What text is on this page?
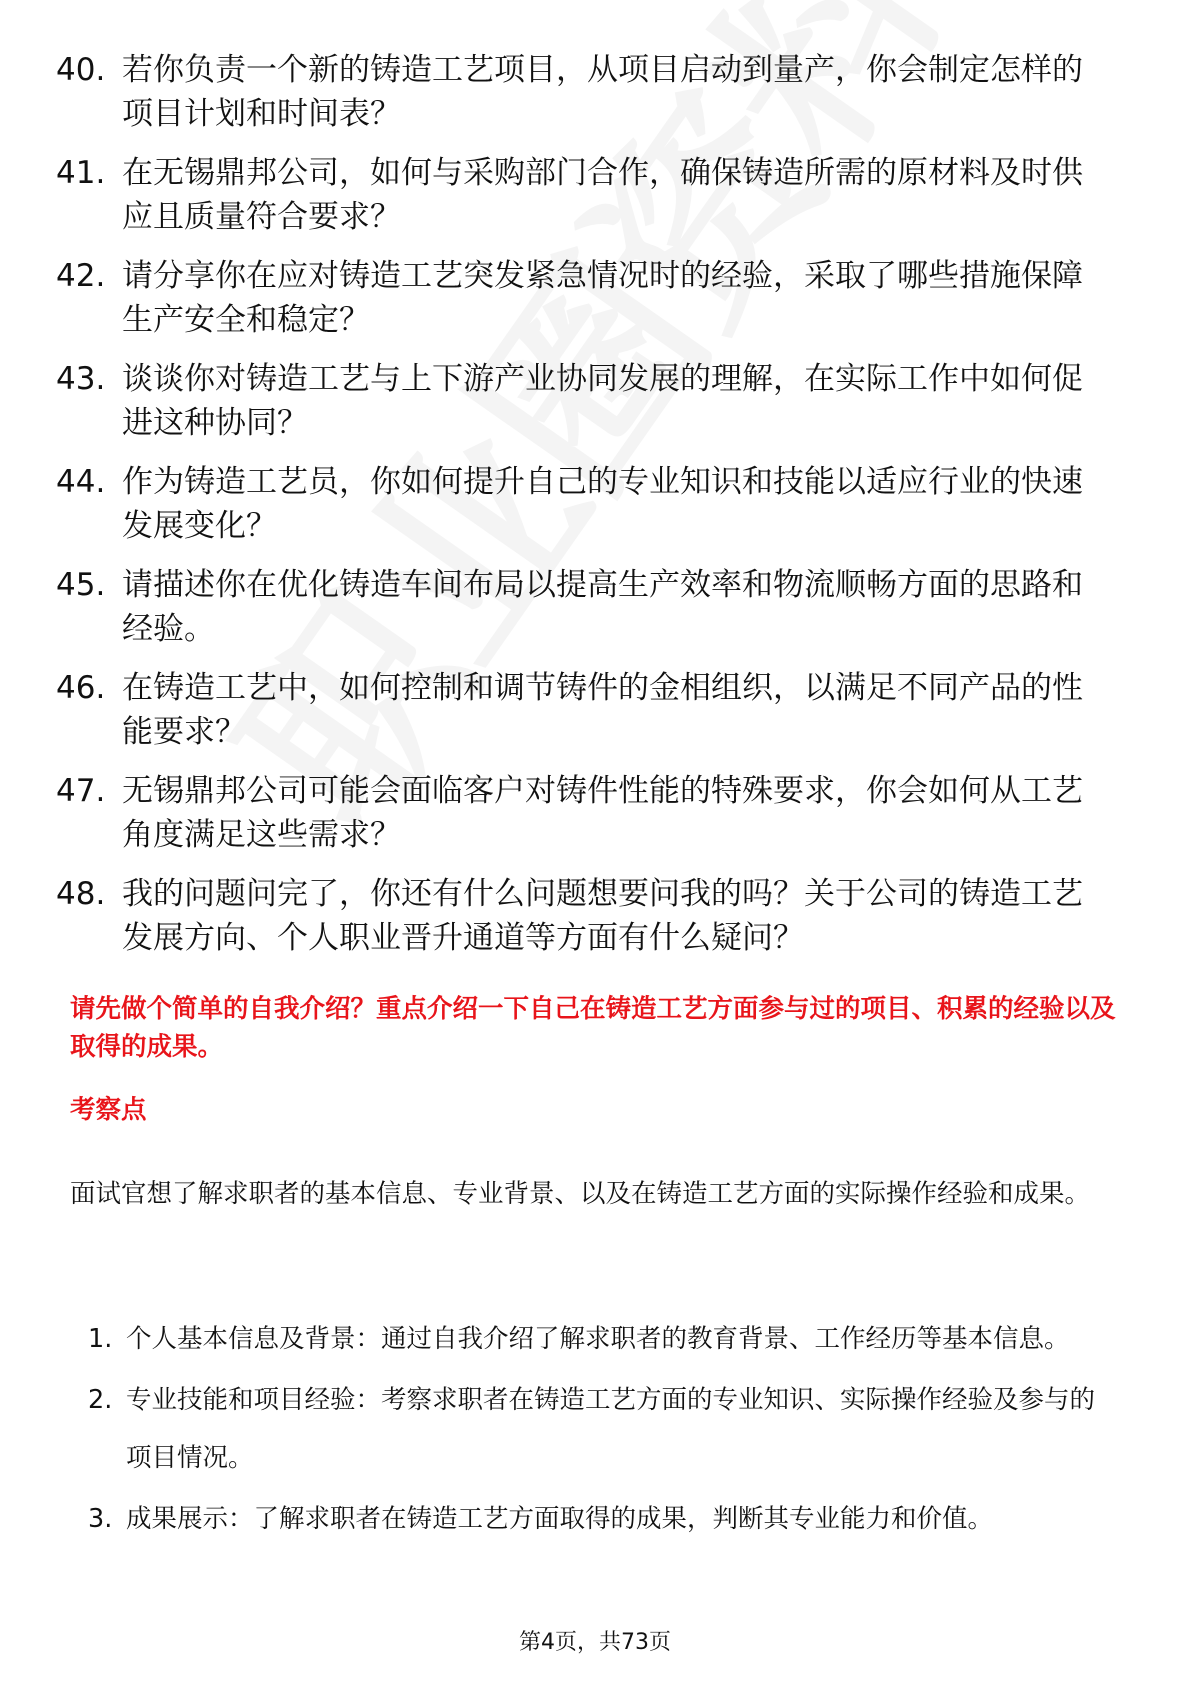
40. 若你负责一个新的铸造工艺项目，从项目启动到量产，你会制定怎样的项目计划和时间表？
41. 在无锡鼎邦公司，如何与采购部门合作，确保铸造所需的原材料及时供应且质量符合要求？
42. 请分享你在应对铸造工艺突发紧急情况时的经验，采取了哪些措施保障生产安全和稳定？
43. 谈谈你对铸造工艺与上下游产业协同发展的理解，在实际工作中如何促进这种协同？
44. 作为铸造工艺员，你如何提升自己的专业知识和技能以适应行业的快速发展变化？
45. 请描述你在优化铸造车间布局以提高生产效率和物流顺畅方面的思路和经验。
46. 在铸造工艺中，如何控制和调节铸件的金相组织，以满足不同产品的性能要求？
47. 无锡鼎邦公司可能会面临客户对铸件性能的特殊要求，你会如何从工艺角度满足这些需求？
48. 我的问题问完了，你还有什么问题想要问我的吗？关于公司的铸造工艺发展方向、个人职业晋升通道等方面有什么疑问？
请先做个简单的自我介绍？重点介绍一下自己在铸造工艺方面参与过的项目、积累的经验以及取得的成果。
考察点
面试官想了解求职者的基本信息、专业背景、以及在铸造工艺方面的实际操作经验和成果。
1. 个人基本信息及背景：通过自我介绍了解求职者的教育背景、工作经历等基本信息。
2. 专业技能和项目经验：考察求职者在铸造工艺方面的专业知识、实际操作经验及参与的项目情况。
3. 成果展示：了解求职者在铸造工艺方面取得的成果，判断其专业能力和价值。
第4页，共73页
